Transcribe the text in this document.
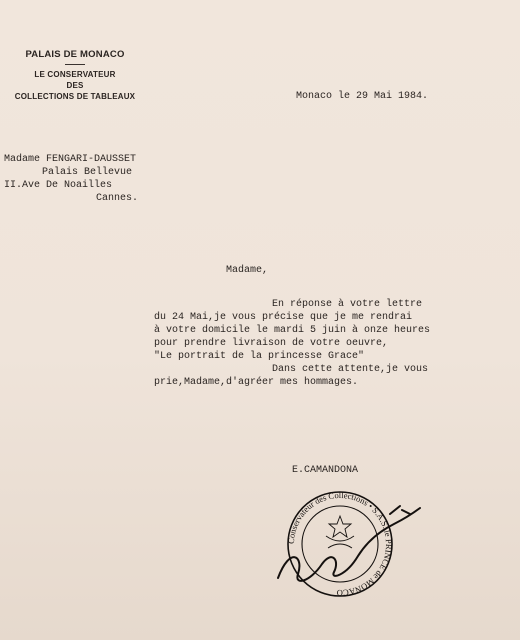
PALAIS DE MONACO
LE CONSERVATEUR
DES
COLLECTIONS DE TABLEAUX	Monaco le 29 Mai 1984.
Madame FENGARI-DAUSSET
Palais Bellevue
II.Ave De Noailles
Cannes.
Madame,
En réponse à votre lettre
du 24 Mai,je vous précise que je me rendrai
à votre domicile le mardi 5 juin à onze heures
pour prendre livraison de votre oeuvre,
"Le portrait de la princesse Grace"
Dans cette attente,je vous
prie,Madame,d'agréer mes hommages.
E.CAMANDONA
Conservateur des Collections • S.A.S. le PRINCE de MONACO
